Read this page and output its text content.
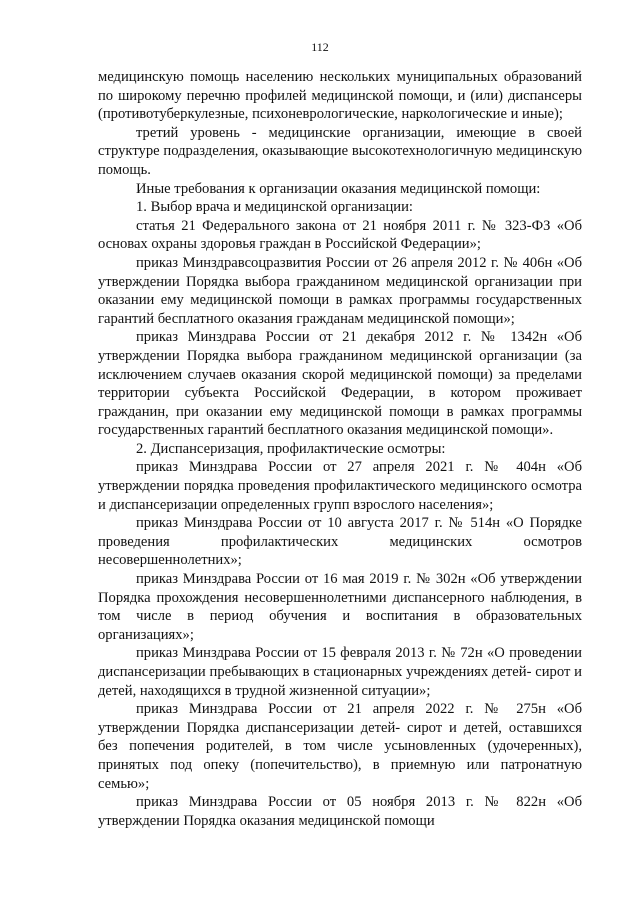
112

медицинскую помощь населению нескольких муниципальных образований по широкому перечню профилей медицинской помощи, и (или) диспансеры (противотуберкулезные, психоневрологические, наркологические и иные);

третий уровень - медицинские организации, имеющие в своей структуре подразделения, оказывающие высокотехнологичную медицинскую помощь.

Иные требования к организации оказания медицинской помощи:

1. Выбор врача и медицинской организации:

статья 21 Федерального закона от 21 ноября 2011 г. № 323-ФЗ «Об основах охраны здоровья граждан в Российской Федерации»;

приказ Минздравсоцразвития России от 26 апреля 2012 г. № 406н «Об утверждении Порядка выбора гражданином медицинской организации при оказании ему медицинской помощи в рамках программы государственных гарантий бесплатного оказания гражданам медицинской помощи»;

приказ Минздрава России от 21 декабря 2012 г. № 1342н «Об утверждении Порядка выбора гражданином медицинской организации (за исключением случаев оказания скорой медицинской помощи) за пределами территории субъекта Российской Федерации, в котором проживает гражданин, при оказании ему медицинской помощи в рамках программы государственных гарантий бесплатного оказания медицинской помощи».

2. Диспансеризация, профилактические осмотры:

приказ Минздрава России от 27 апреля 2021 г. № 404н «Об утверждении порядка проведения профилактического медицинского осмотра и диспансеризации определенных групп взрослого населения»;

приказ Минздрава России от 10 августа 2017 г. № 514н «О Порядке проведения профилактических медицинских осмотров несовершеннолетних»;

приказ Минздрава России от 16 мая 2019 г. № 302н «Об утверждении Порядка прохождения несовершеннолетними диспансерного наблюдения, в том числе в период обучения и воспитания в образовательных организациях»;

приказ Минздрава России от 15 февраля 2013 г. № 72н «О проведении диспансеризации пребывающих в стационарных учреждениях детей- сирот и детей, находящихся в трудной жизненной ситуации»;

приказ Минздрава России от 21 апреля 2022 г. № 275н «Об утверждении Порядка диспансеризации детей- сирот и детей, оставшихся без попечения родителей, в том числе усыновленных (удочеренных), принятых под опеку (попечительство), в приемную или патронатную семью»;

приказ Минздрава России от 05 ноября 2013 г. № 822н «Об утверждении Порядка оказания медицинской помощи
